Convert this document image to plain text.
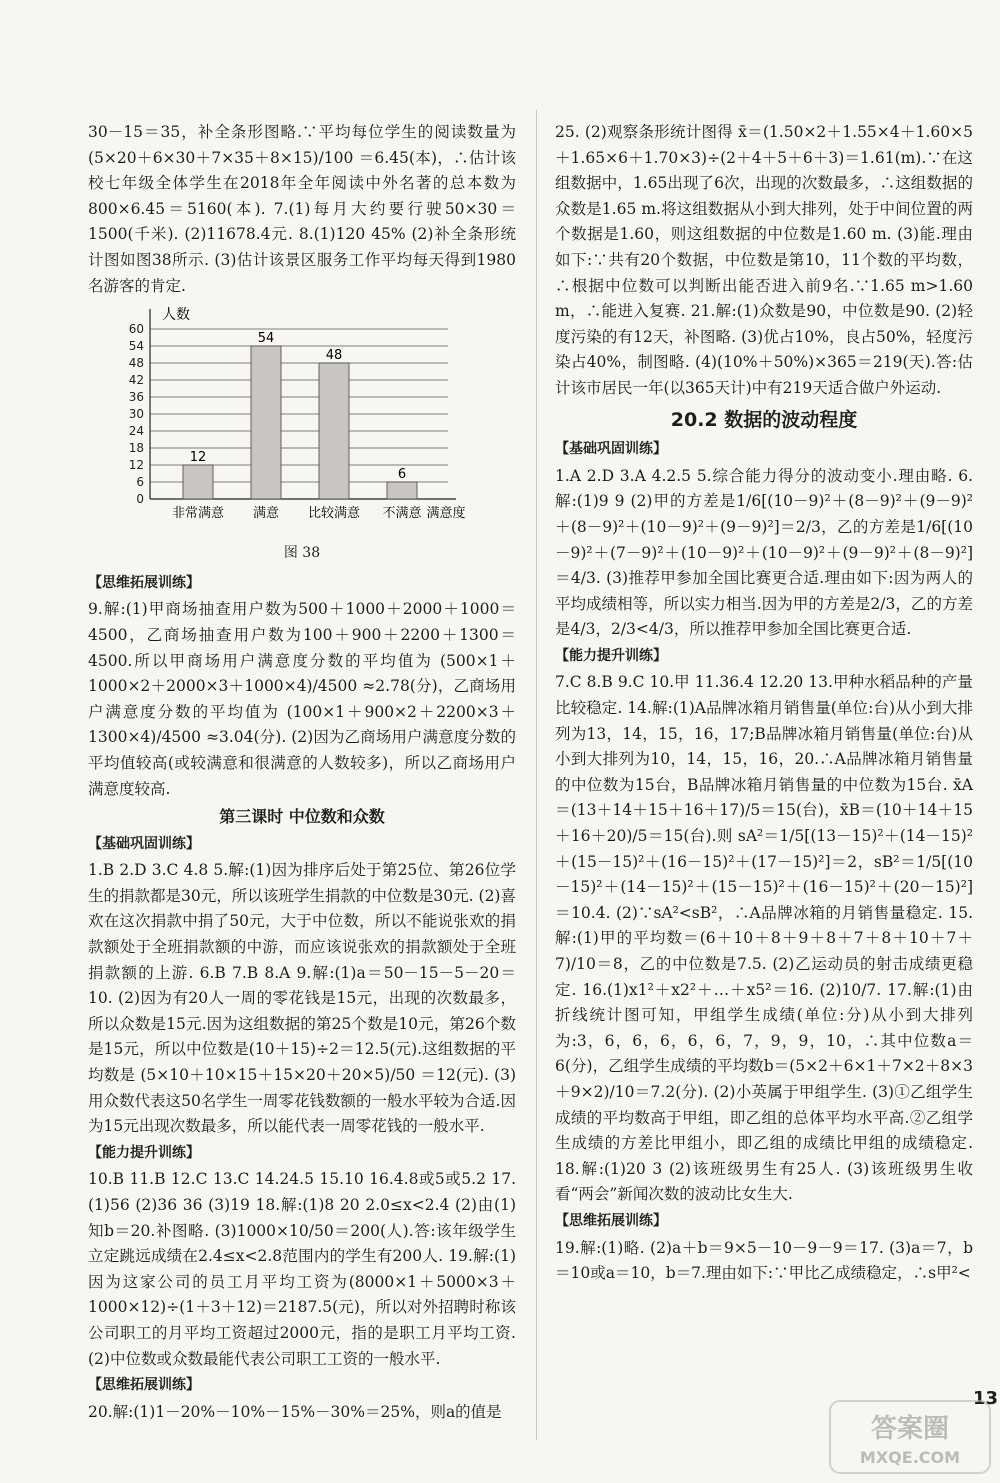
30－15＝35，补全条形图略.∵平均每位学生的阅读数量为 (5×20＋6×30＋7×35＋8×15)/100 ＝6.45(本)，∴估计该校七年级全体学生在2018年全年阅读中外名著的总本数为800×6.45＝5160(本). 7.(1)每月大约要行驶50×30＝1500(千米). (2)11678.4元. 8.(1)120 45% (2)补全条形统计图如图38所示. (3)估计该景区服务工作平均每天得到1980名游客的肯定.

0
6
12
18
24
30
36
42
48
54
60
人数
12
非常满意
54
满意
48
比较满意
6
不满意 满意度
图 38
【思维拓展训练】

9.解:(1)甲商场抽查用户数为500＋1000＋2000＋1000＝4500，乙商场抽查用户数为100＋900＋2200＋1300＝4500.所以甲商场用户满意度分数的平均值为 (500×1＋1000×2＋2000×3＋1000×4)/4500 ≈2.78(分)，乙商场用户满意度分数的平均值为 (100×1＋900×2＋2200×3＋1300×4)/4500 ≈3.04(分). (2)因为乙商场用户满意度分数的平均值较高(或较满意和很满意的人数较多)，所以乙商场用户满意度较高.

第三课时 中位数和众数
【基础巩固训练】

1.B 2.D 3.C 4.8 5.解:(1)因为排序后处于第25位、第26位学生的捐款都是30元，所以该班学生捐款的中位数是30元. (2)喜欢在这次捐款中捐了50元，大于中位数，所以不能说张欢的捐款额处于全班捐款额的中游，而应该说张欢的捐款额处于全班捐款额的上游. 6.B 7.B 8.A 9.解:(1)a＝50－15－5－20＝10. (2)因为有20人一周的零花钱是15元，出现的次数最多，所以众数是15元.因为这组数据的第25个数是10元，第26个数是15元，所以中位数是(10＋15)÷2＝12.5(元).这组数据的平均数是 (5×10＋10×15＋15×20＋20×5)/50 ＝12(元). (3)用众数代表这50名学生一周零花钱数额的一般水平较为合适.因为15元出现次数最多，所以能代表一周零花钱的一般水平.

【能力提升训练】

10.B 11.B 12.C 13.C 14.24.5 15.10 16.4.8或5或5.2 17.(1)56 (2)36 36 (3)19 18.解:(1)8 20 2.0≤x<2.4 (2)由(1)知b＝20.补图略. (3)1000×10/50＝200(人).答:该年级学生立定跳远成绩在2.4≤x<2.8范围内的学生有200人. 19.解:(1)因为这家公司的员工月平均工资为(8000×1＋5000×3＋1000×12)÷(1＋3＋12)＝2187.5(元)，所以对外招聘时称该公司职工的月平均工资超过2000元，指的是职工月平均工资. (2)中位数或众数最能代表公司职工工资的一般水平.

【思维拓展训练】

20.解:(1)1－20%－10%－15%－30%＝25%，则a的值是

25. (2)观察条形统计图得 x̄＝(1.50×2＋1.55×4＋1.60×5＋1.65×6＋1.70×3)÷(2＋4＋5＋6＋3)＝1.61(m).∵在这组数据中，1.65出现了6次，出现的次数最多，∴这组数据的众数是1.65 m.将这组数据从小到大排列，处于中间位置的两个数据是1.60，则这组数据的中位数是1.60 m. (3)能.理由如下:∵共有20个数据，中位数是第10，11个数的平均数，∴根据中位数可以判断出能否进入前9名.∵1.65 m>1.60 m，∴能进入复赛. 21.解:(1)众数是90，中位数是90. (2)轻度污染的有12天，补图略. (3)优占10%，良占50%，轻度污染占40%，制图略. (4)(10%＋50%)×365＝219(天).答:估计该市居民一年(以365天计)中有219天适合做户外运动.

20.2 数据的波动程度
【基础巩固训练】

1.A 2.D 3.A 4.2.5 5.综合能力得分的波动变小.理由略. 6.解:(1)9 9 (2)甲的方差是1/6[(10－9)²＋(8－9)²＋(9－9)²＋(8－9)²＋(10－9)²＋(9－9)²]＝2/3，乙的方差是1/6[(10－9)²＋(7－9)²＋(10－9)²＋(10－9)²＋(9－9)²＋(8－9)²]＝4/3. (3)推荐甲参加全国比赛更合适.理由如下:因为两人的平均成绩相等，所以实力相当.因为甲的方差是2/3，乙的方差是4/3，2/3<4/3，所以推荐甲参加全国比赛更合适.

【能力提升训练】

7.C 8.B 9.C 10.甲 11.36.4 12.20 13.甲种水稻品种的产量比较稳定. 14.解:(1)A品牌冰箱月销售量(单位:台)从小到大排列为13，14，15，16，17;B品牌冰箱月销售量(单位:台)从小到大排列为10，14，15，16，20.∴A品牌冰箱月销售量的中位数为15台，B品牌冰箱月销售量的中位数为15台. x̄A＝(13＋14＋15＋16＋17)/5＝15(台)，x̄B＝(10＋14＋15＋16＋20)/5＝15(台).则 sA²＝1/5[(13－15)²＋(14－15)²＋(15－15)²＋(16－15)²＋(17－15)²]＝2，sB²＝1/5[(10－15)²＋(14－15)²＋(15－15)²＋(16－15)²＋(20－15)²]＝10.4. (2)∵sA²<sB²，∴A品牌冰箱的月销售量稳定. 15.解:(1)甲的平均数＝(6＋10＋8＋9＋8＋7＋8＋10＋7＋7)/10＝8，乙的中位数是7.5. (2)乙运动员的射击成绩更稳定. 16.(1)x1²＋x2²＋…＋x5²＝16. (2)10/7. 17.解:(1)由折线统计图可知，甲组学生成绩(单位:分)从小到大排列为:3，6，6，6，6，6，7，9，9，10，∴其中位数a＝6(分)，乙组学生成绩的平均数b＝(5×2＋6×1＋7×2＋8×3＋9×2)/10＝7.2(分). (2)小英属于甲组学生. (3)①乙组学生成绩的平均数高于甲组，即乙组的总体平均水平高.②乙组学生成绩的方差比甲组小，即乙组的成绩比甲组的成绩稳定. 18.解:(1)20 3 (2)该班级男生有25人. (3)该班级男生收看“两会”新闻次数的波动比女生大.

【思维拓展训练】

19.解:(1)略. (2)a＋b＝9×5－10－9－9＝17. (3)a＝7，b＝10或a＝10，b＝7.理由如下:∵甲比乙成绩稳定，∴s甲²<

13
答案圈
MXQE.COM
